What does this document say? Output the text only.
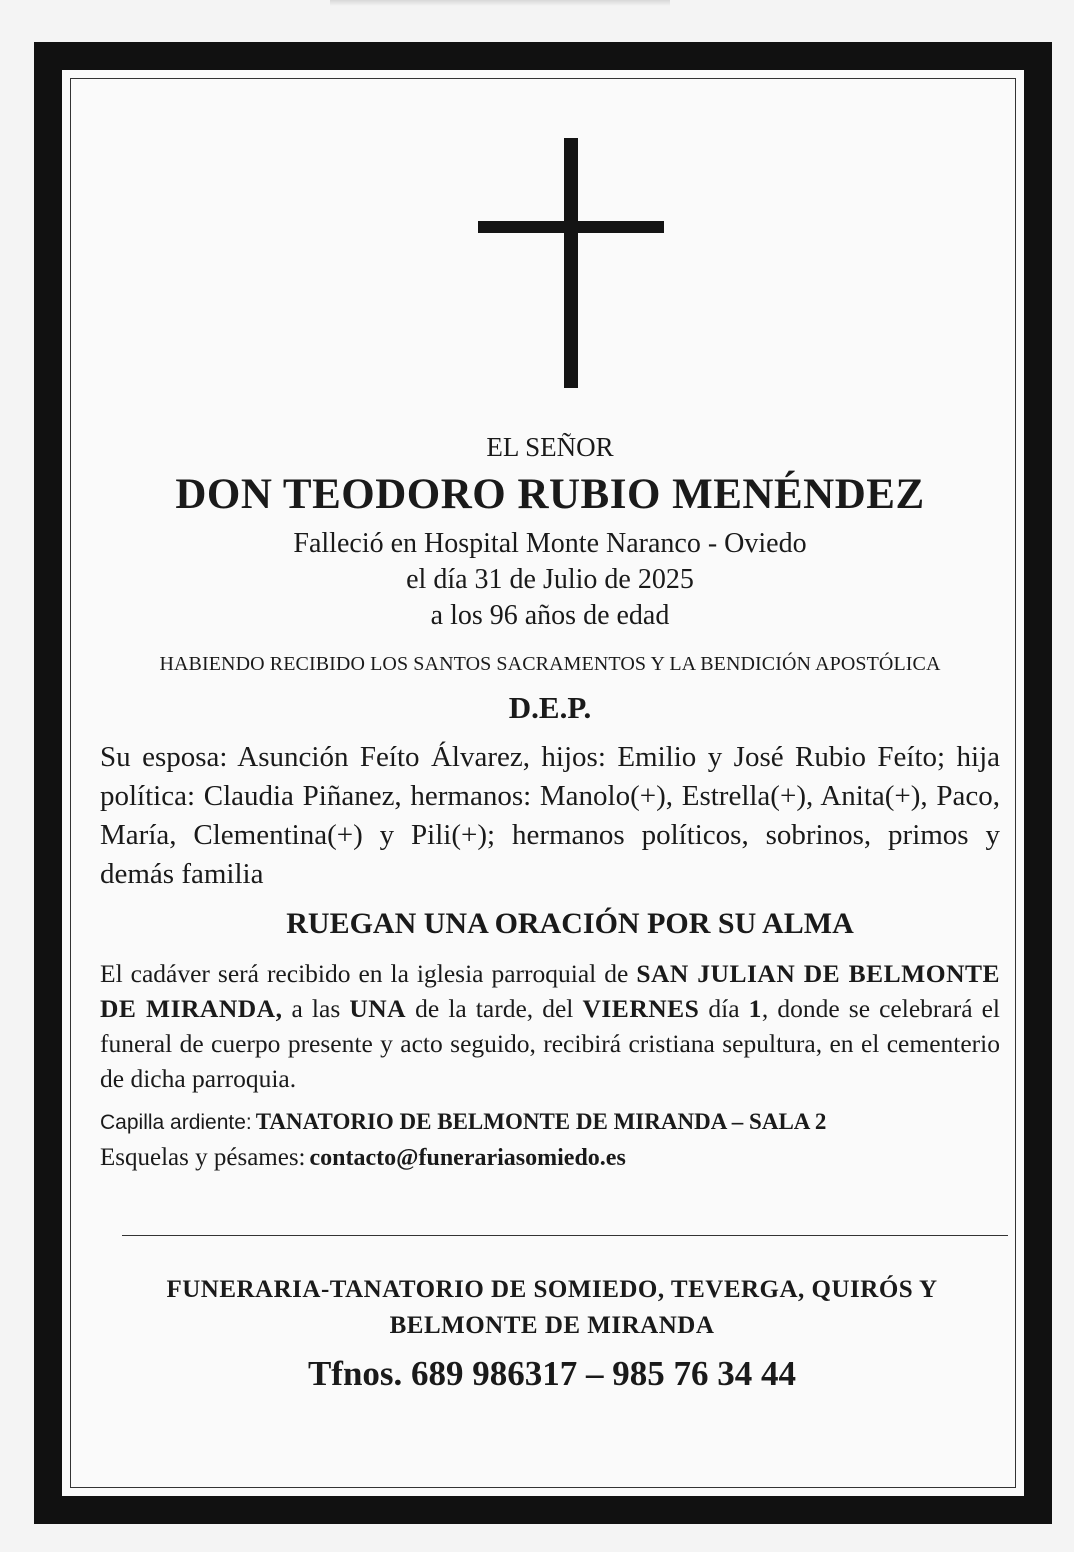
EL SEÑOR

DON TEODORO RUBIO MENÉNDEZ

Falleció en Hospital Monte Naranco - Oviedo

el día 31 de Julio de 2025

a los 96 años de edad

HABIENDO RECIBIDO LOS SANTOS SACRAMENTOS Y LA BENDICIÓN APOSTÓLICA

D.E.P.

Su esposa: Asunción Feíto Álvarez, hijos: Emilio y José Rubio Feíto; hija política: Claudia Piñanez, hermanos: Manolo(+), Estrella(+), Anita(+), Paco, María, Clementina(+) y Pili(+); hermanos políticos, sobrinos, primos y demás familia

RUEGAN UNA ORACIÓN POR SU ALMA

El cadáver será recibido en la iglesia parroquial de SAN JULIAN DE BELMONTE DE MIRANDA, a las UNA de la tarde, del VIERNES día 1, donde se celebrará el funeral de cuerpo presente y acto seguido, recibirá cristiana sepultura, en el cementerio de dicha parroquia.

Capilla ardiente: TANATORIO DE BELMONTE DE MIRANDA – SALA 2

Esquelas y pésames: contacto@funerariasomiedo.es

FUNERARIA-TANATORIO DE SOMIEDO, TEVERGA, QUIRÓS Y

BELMONTE DE MIRANDA

Tfnos. 689 986317 – 985 76 34 44
